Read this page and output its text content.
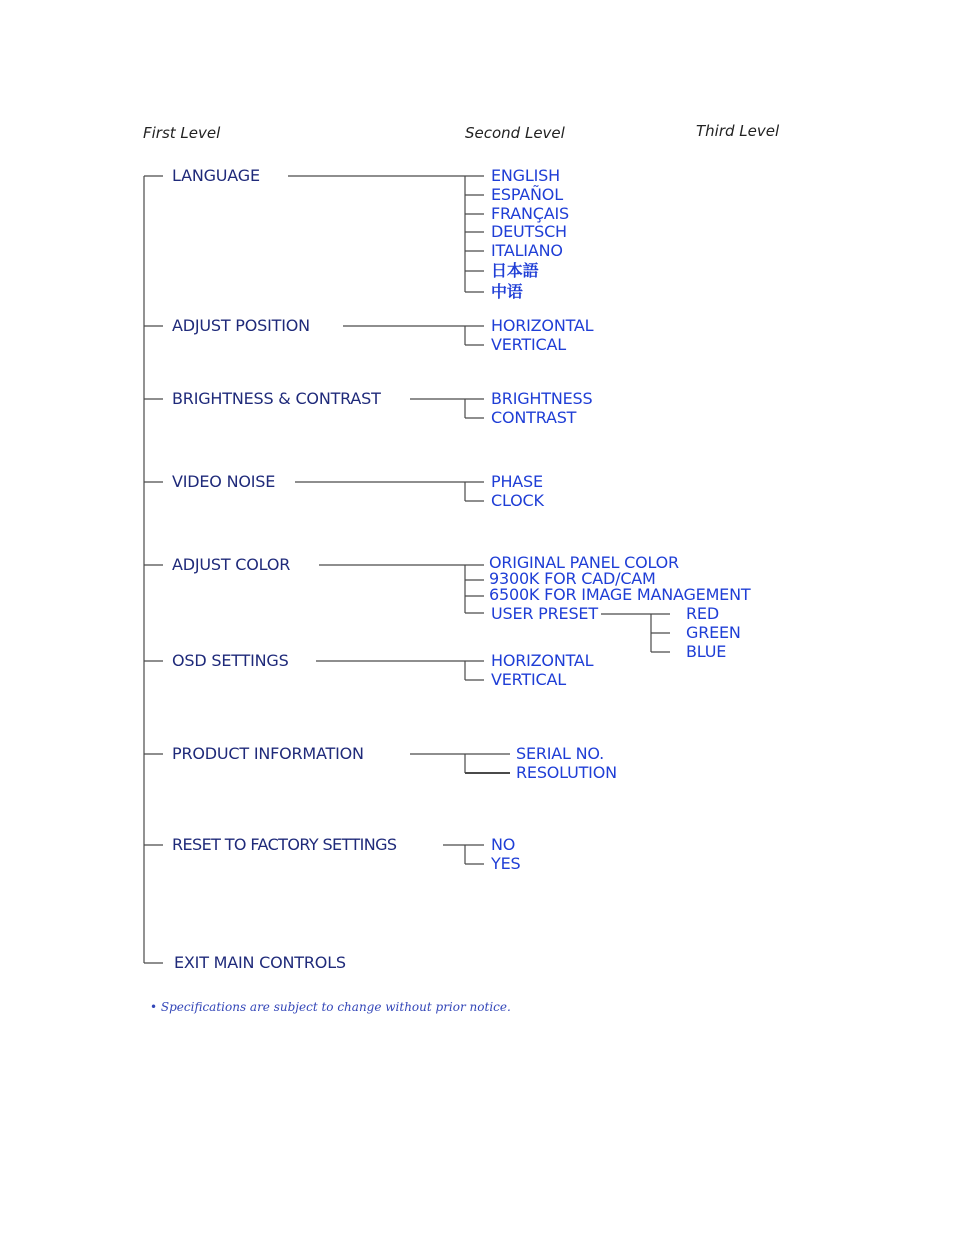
First Level	Second Level	Third Level
LANGUAGE
ADJUST POSITION
BRIGHTNESS & CONTRAST
VIDEO NOISE
ADJUST COLOR
OSD SETTINGS
PRODUCT INFORMATION
RESET TO FACTORY SETTINGS
EXIT MAIN CONTROLS
ENGLISH
ESPAÑOL
FRANÇAIS
DEUTSCH
ITALIANO
日本語
中语
HORIZONTAL
VERTICAL
BRIGHTNESS
CONTRAST
PHASE
CLOCK
ORIGINAL PANEL COLOR
9300K FOR CAD/CAM
6500K FOR IMAGE MANAGEMENT
USER PRESET	RED
GREEN
BLUE
HORIZONTAL
VERTICAL
SERIAL NO.
RESOLUTION
NO
YES
• Specifications are subject to change without prior notice.
